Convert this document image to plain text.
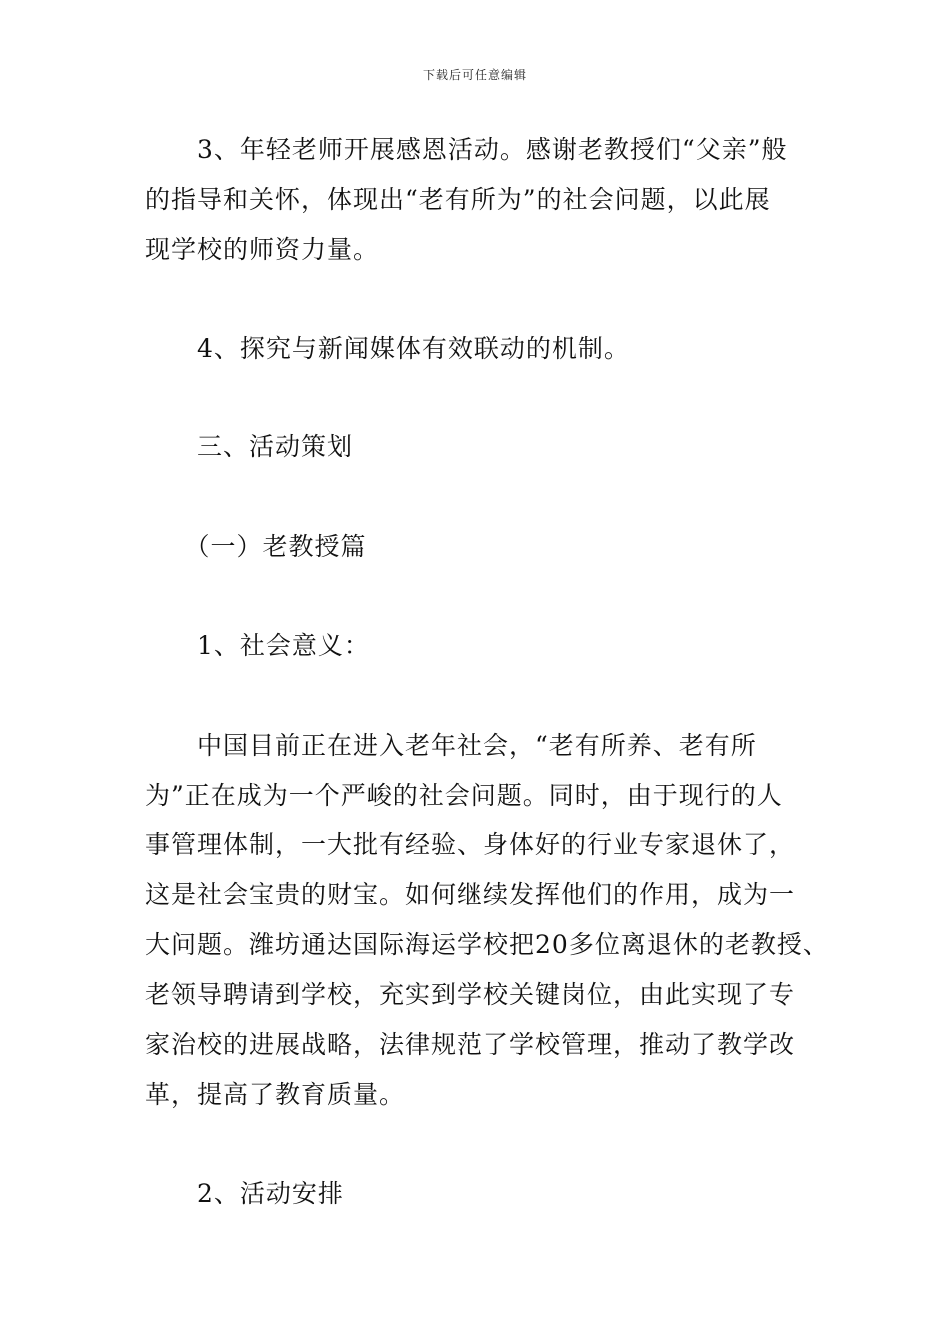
下载后可任意编辑
　　3、年轻老师开展感恩活动。感谢老教授们“父亲”般
的指导和关怀，体现出“老有所为”的社会问题，以此展
现学校的师资力量。
　　4、探究与新闻媒体有效联动的机制。
　　三、活动策划
　　（一）老教授篇
　　1、社会意义：
　　中国目前正在进入老年社会，“老有所养、老有所
为”正在成为一个严峻的社会问题。同时，由于现行的人
事管理体制，一大批有经验、身体好的行业专家退休了，
这是社会宝贵的财宝。如何继续发挥他们的作用，成为一
大问题。潍坊通达国际海运学校把20多位离退休的老教授、
老领导聘请到学校，充实到学校关键岗位，由此实现了专
家治校的进展战略，法律规范了学校管理，推动了教学改
革，提高了教育质量。
　　2、活动安排
